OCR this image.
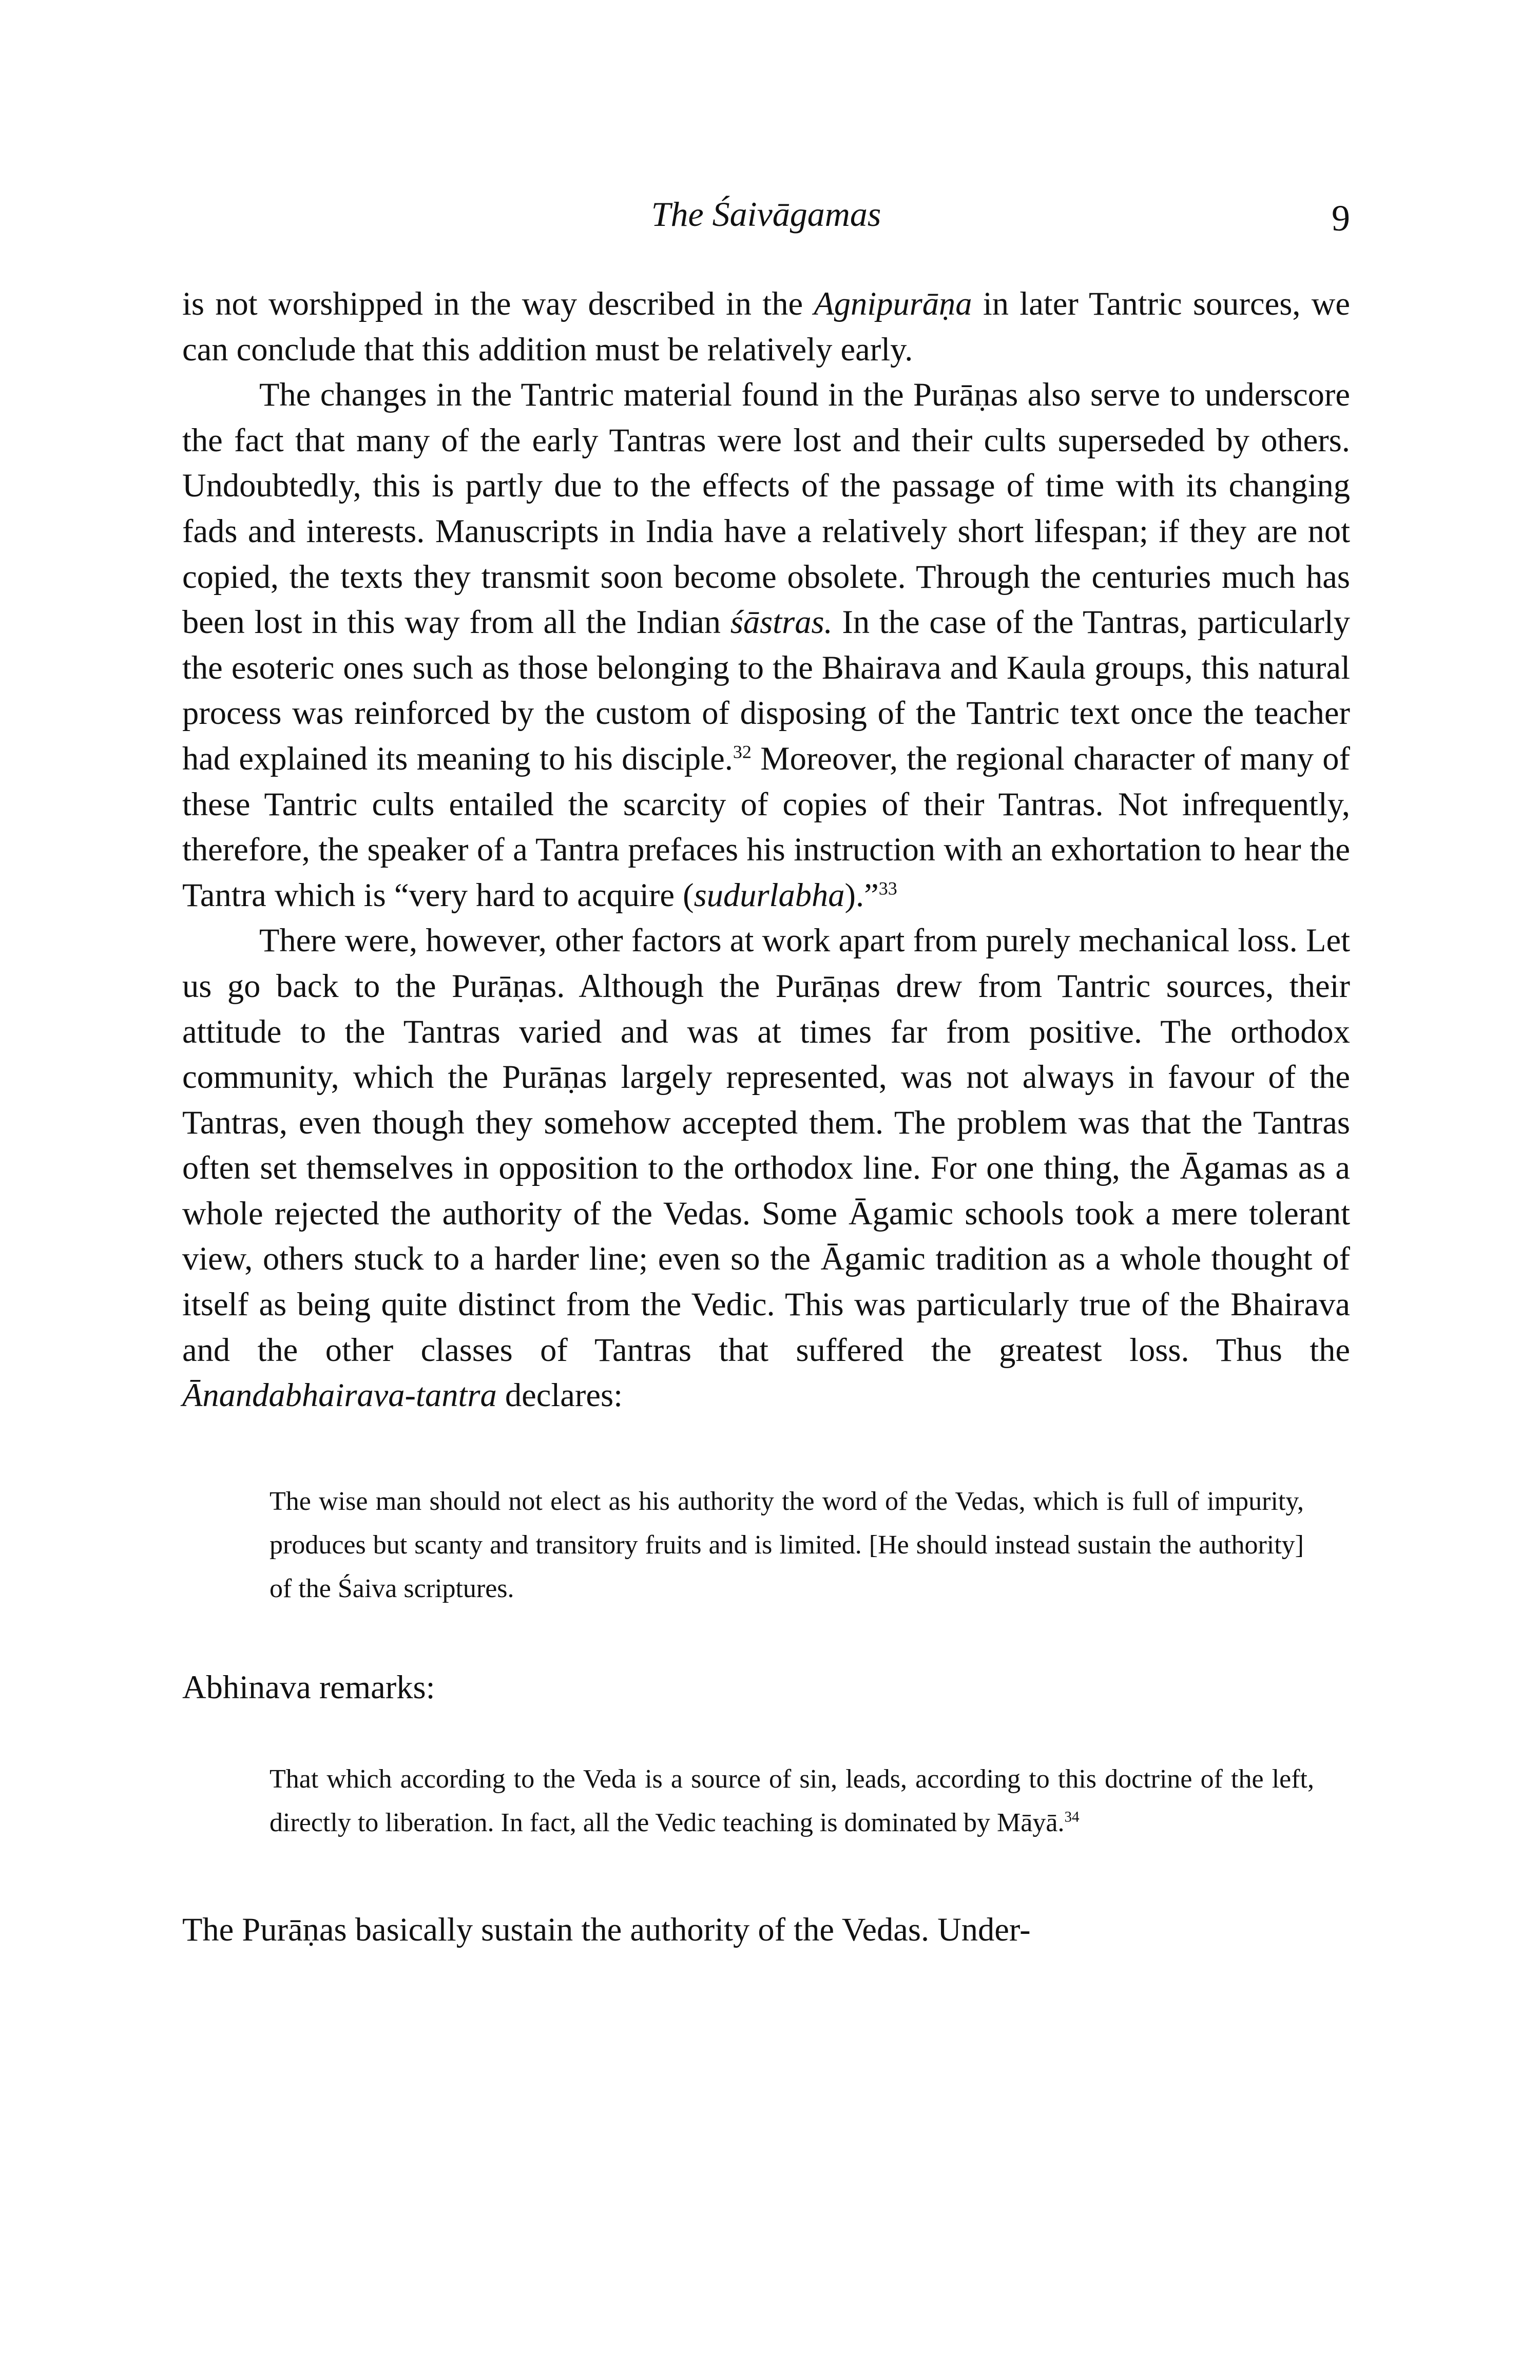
The Śaivāgamas	9

is not worshipped in the way described in the Agnipurāṇa in later Tantric sources, we can conclude that this addition must be relatively early.

The changes in the Tantric material found in the Purāṇas also serve to underscore the fact that many of the early Tantras were lost and their cults superseded by others. Undoubtedly, this is partly due to the effects of the passage of time with its changing fads and interests. Manuscripts in India have a relatively short lifespan; if they are not copied, the texts they transmit soon become obsolete. Through the centuries much has been lost in this way from all the Indian śāstras. In the case of the Tantras, particularly the esoteric ones such as those belonging to the Bhairava and Kaula groups, this natural process was reinforced by the custom of disposing of the Tantric text once the teacher had explained its meaning to his disciple.$^{32}$ Moreover, the regional character of many of these Tantric cults entailed the scarcity of copies of their Tantras. Not infrequently, therefore, the speaker of a Tantra prefaces his instruction with an exhortation to hear the Tantra which is “very hard to acquire (sudurlabha).”$^{33}$

There were, however, other factors at work apart from purely mechanical loss. Let us go back to the Purāṇas. Although the Purāṇas drew from Tantric sources, their attitude to the Tantras varied and was at times far from positive. The orthodox community, which the Purāṇas largely represented, was not always in favour of the Tantras, even though they somehow accepted them. The problem was that the Tantras often set themselves in opposition to the orthodox line. For one thing, the Āgamas as a whole rejected the authority of the Vedas. Some Āgamic schools took a mere tolerant view, others stuck to a harder line; even so the Āgamic tradition as a whole thought of itself as being quite distinct from the Vedic. This was particularly true of the Bhairava and the other classes of Tantras that suffered the greatest loss. Thus the Ānandabhairava-tantra declares:

The wise man should not elect as his authority the word of the Vedas, which is full of impurity, produces but scanty and transitory fruits and is limited. [He should instead sustain the authority] of the Śaiva scriptures.

Abhinava remarks:

That which according to the Veda is a source of sin, leads, according to this doctrine of the left, directly to liberation. In fact, all the Vedic teaching is dominated by Māyā.$^{34}$

The Purāṇas basically sustain the authority of the Vedas. Under-
